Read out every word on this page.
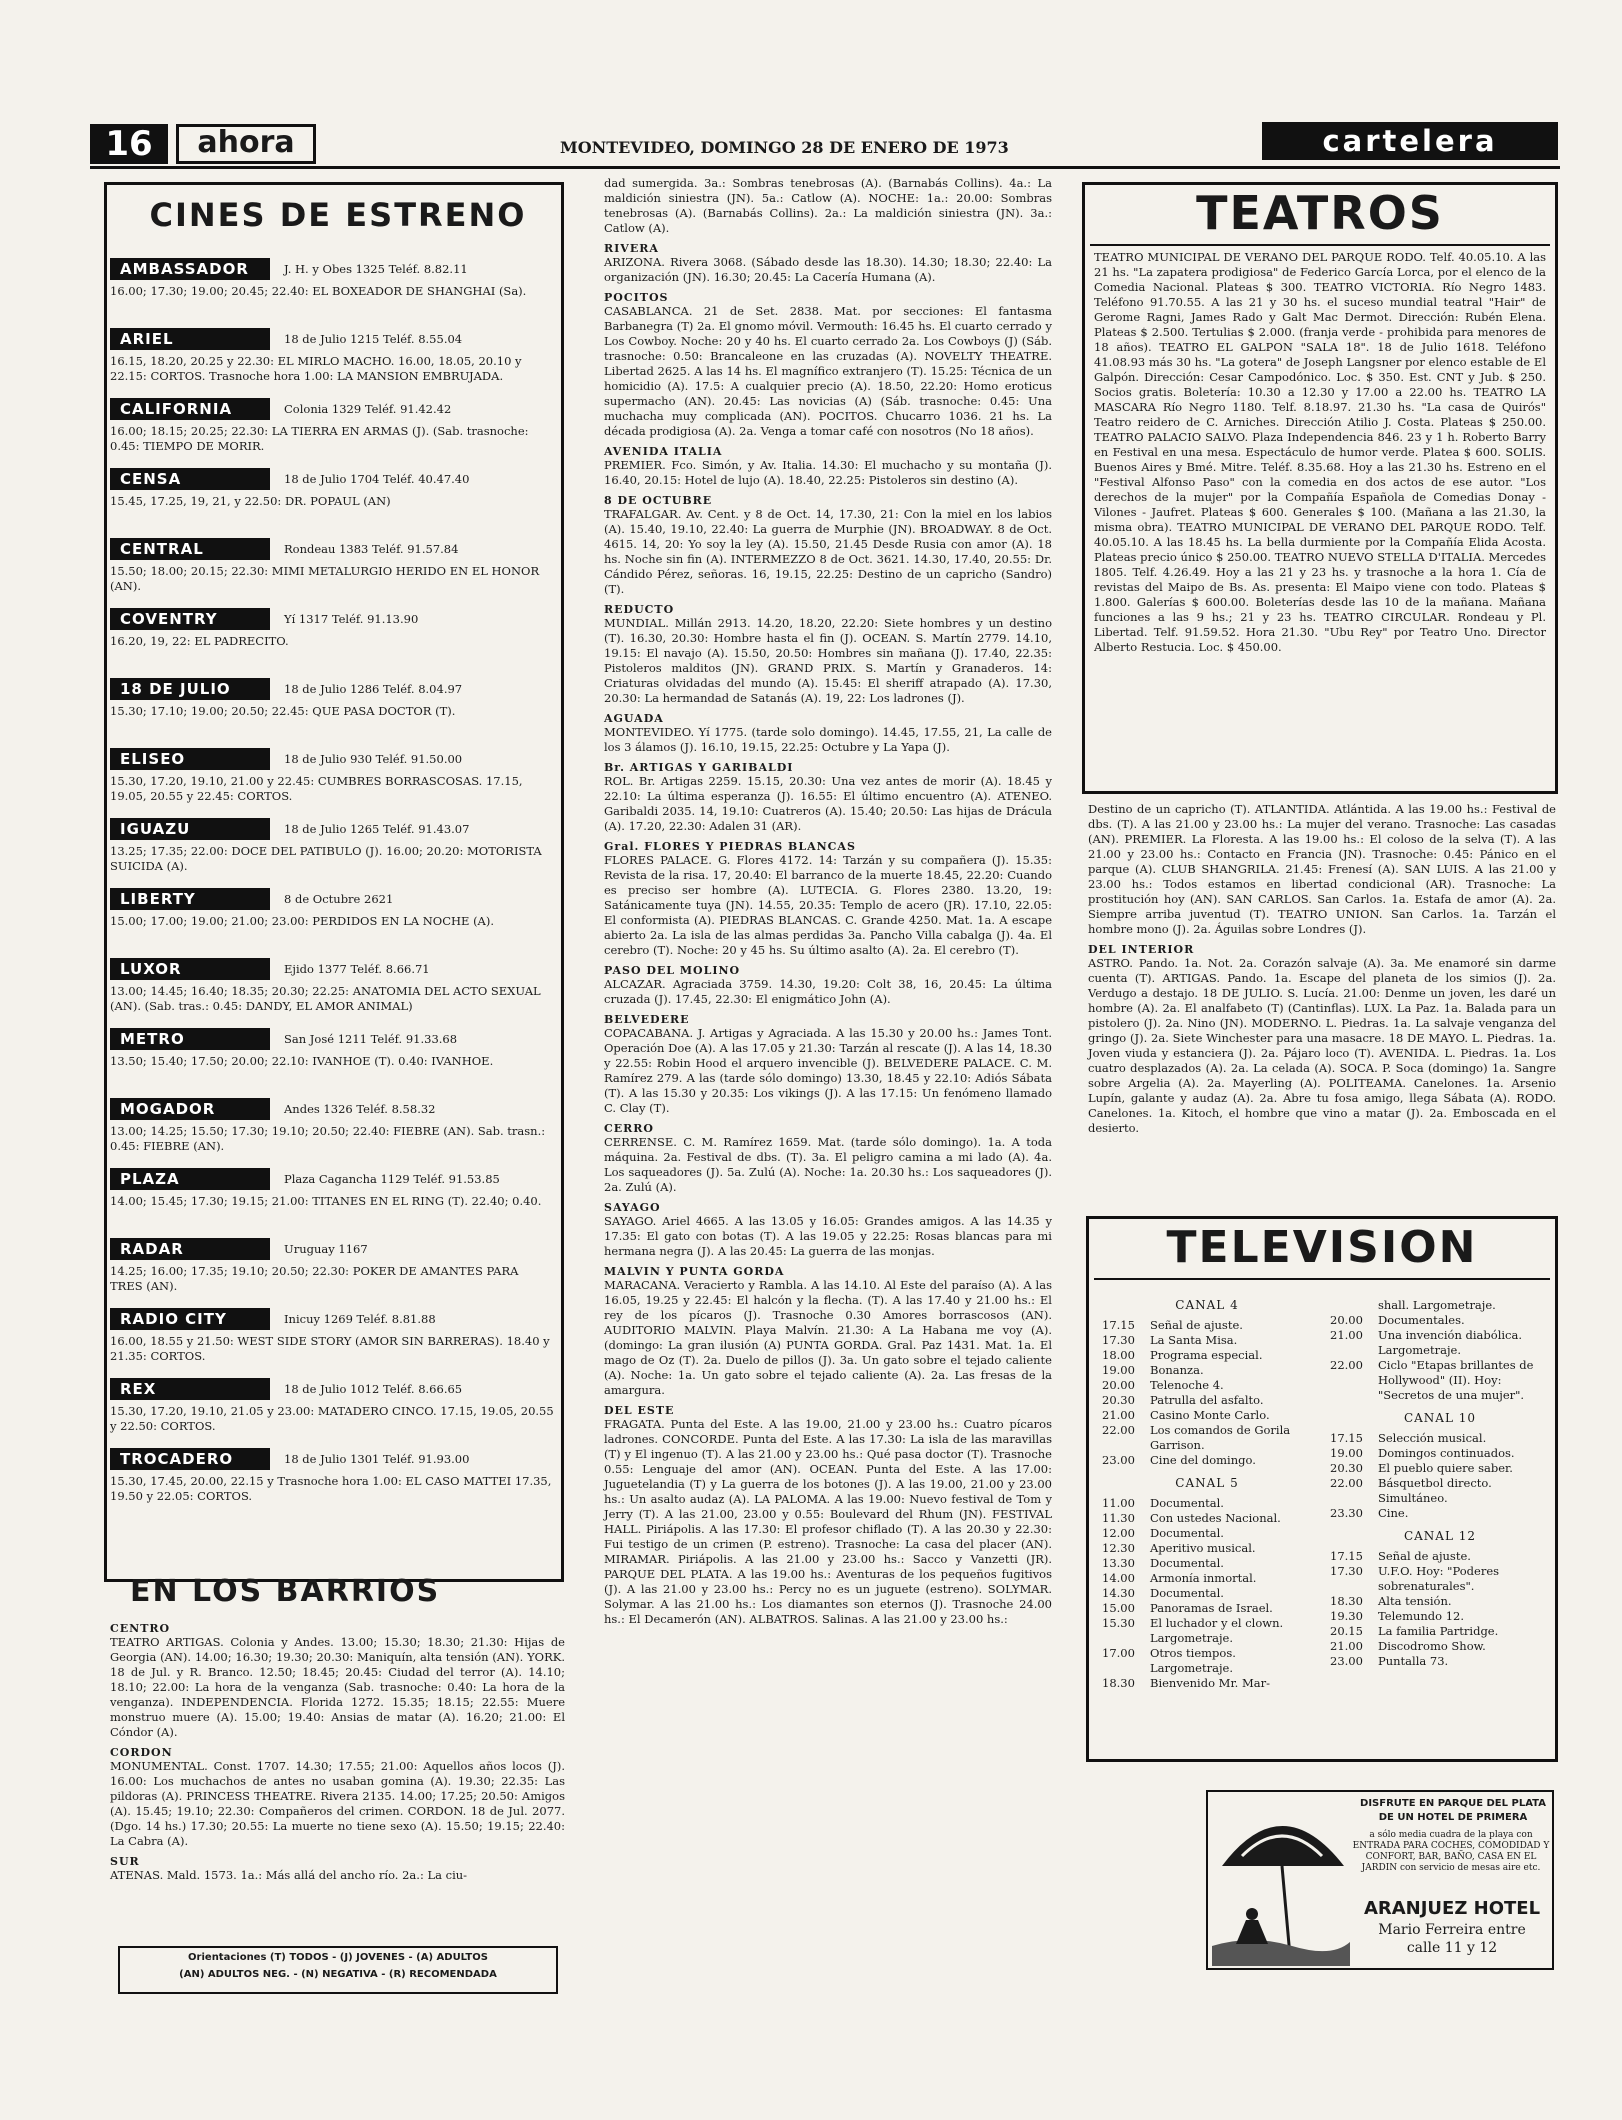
16	ahora	MONTEVIDEO, DOMINGO 28 DE ENERO DE 1973	cartelera
CINES DE ESTRENO
AMBASSADOR	J. H. y Obes 1325 Teléf. 8.82.11
16.00; 17.30; 19.00; 20.45; 22.40: EL BOXEADOR DE SHANGHAI (Sa).
ARIEL	18 de Julio 1215 Teléf. 8.55.04
16.15, 18.20, 20.25 y 22.30: EL MIRLO MACHO. 16.00, 18.05, 20.10 y 22.15: CORTOS. Trasnoche hora 1.00: LA MANSION EMBRUJADA.
CALIFORNIA	Colonia 1329 Teléf. 91.42.42
16.00; 18.15; 20.25; 22.30: LA TIERRA EN ARMAS (J). (Sab. trasnoche: 0.45: TIEMPO DE MORIR.
CENSA	18 de Julio 1704 Teléf. 40.47.40
15.45, 17.25, 19, 21, y 22.50: DR. POPAUL (AN)
CENTRAL	Rondeau 1383 Teléf. 91.57.84
15.50; 18.00; 20.15; 22.30: MIMI METALURGIO HERIDO EN EL HONOR (AN).
COVENTRY	Yí 1317 Teléf. 91.13.90
16.20, 19, 22: EL PADRECITO.
18 DE JULIO	18 de Julio 1286 Teléf. 8.04.97
15.30; 17.10; 19.00; 20.50; 22.45: QUE PASA DOCTOR (T).
ELISEO	18 de Julio 930 Teléf. 91.50.00
15.30, 17.20, 19.10, 21.00 y 22.45: CUMBRES BORRASCOSAS. 17.15, 19.05, 20.55 y 22.45: CORTOS.
IGUAZU	18 de Julio 1265 Teléf. 91.43.07
13.25; 17.35; 22.00: DOCE DEL PATIBULO (J). 16.00; 20.20: MOTORISTA SUICIDA (A).
LIBERTY	8 de Octubre 2621
15.00; 17.00; 19.00; 21.00; 23.00: PERDIDOS EN LA NOCHE (A).
LUXOR	Ejido 1377 Teléf. 8.66.71
13.00; 14.45; 16.40; 18.35; 20.30; 22.25: ANATOMIA DEL ACTO SEXUAL (AN). (Sab. tras.: 0.45: DANDY, EL AMOR ANIMAL)
METRO	San José 1211 Teléf. 91.33.68
13.50; 15.40; 17.50; 20.00; 22.10: IVANHOE (T). 0.40: IVANHOE.
MOGADOR	Andes 1326 Teléf. 8.58.32
13.00; 14.25; 15.50; 17.30; 19.10; 20.50; 22.40: FIEBRE (AN). Sab. trasn.: 0.45: FIEBRE (AN).
PLAZA	Plaza Cagancha 1129 Teléf. 91.53.85
14.00; 15.45; 17.30; 19.15; 21.00: TITANES EN EL RING (T). 22.40; 0.40.
RADAR	Uruguay 1167
14.25; 16.00; 17.35; 19.10; 20.50; 22.30: POKER DE AMANTES PARA TRES (AN).
RADIO CITY	Inicuy 1269 Teléf. 8.81.88
16.00, 18.55 y 21.50: WEST SIDE STORY (AMOR SIN BARRERAS). 18.40 y 21.35: CORTOS.
REX	18 de Julio 1012 Teléf. 8.66.65
15.30, 17.20, 19.10, 21.05 y 23.00: MATADERO CINCO. 17.15, 19.05, 20.55 y 22.50: CORTOS.
TROCADERO	18 de Julio 1301 Teléf. 91.93.00
15.30, 17.45, 20.00, 22.15 y Trasnoche hora 1.00: EL CASO MATTEI 17.35, 19.50 y 22.05: CORTOS.
EN LOS BARRIOS
CENTRO
TEATRO ARTIGAS. Colonia y Andes. 13.00; 15.30; 18.30; 21.30: Hijas de Georgia (AN). 14.00; 16.30; 19.30; 20.30: Maniquín, alta tensión (AN). YORK. 18 de Jul. y R. Branco. 12.50; 18.45; 20.45: Ciudad del terror (A). 14.10; 18.10; 22.00: La hora de la venganza (Sab. trasnoche: 0.40: La hora de la venganza). INDEPENDENCIA. Florida 1272. 15.35; 18.15; 22.55: Muere monstruo muere (A). 15.00; 19.40: Ansias de matar (A). 16.20; 21.00: El Cóndor (A).
CORDON
MONUMENTAL. Const. 1707. 14.30; 17.55; 21.00: Aquellos años locos (J). 16.00: Los muchachos de antes no usaban gomina (A). 19.30; 22.35: Las pildoras (A). PRINCESS THEATRE. Rivera 2135. 14.00; 17.25; 20.50: Amigos (A). 15.45; 19.10; 22.30: Compañeros del crimen. CORDON. 18 de Jul. 2077. (Dgo. 14 hs.) 17.30; 20.55: La muerte no tiene sexo (A). 15.50; 19.15; 22.40: La Cabra (A).
SUR
ATENAS. Mald. 1573. 1a.: Más allá del ancho río. 2a.: La ciu-
Orientaciones (T) TODOS - (J) JOVENES - (A) ADULTOS
(AN) ADULTOS NEG. - (N) NEGATIVA - (R) RECOMENDADA
dad sumergida. 3a.: Sombras tenebrosas (A). (Barnabás Collins). 4a.: La maldición siniestra (JN). 5a.: Catlow (A). NOCHE: 1a.: 20.00: Sombras tenebrosas (A). (Barnabás Collins). 2a.: La maldición siniestra (JN). 3a.: Catlow (A).
RIVERA
ARIZONA. Rivera 3068. (Sábado desde las 18.30). 14.30; 18.30; 22.40: La organización (JN). 16.30; 20.45: La Cacería Humana (A).
POCITOS
CASABLANCA. 21 de Set. 2838. Mat. por secciones: El fantasma Barbanegra (T) 2a. El gnomo móvil. Vermouth: 16.45 hs. El cuarto cerrado y Los Cowboy. Noche: 20 y 40 hs. El cuarto cerrado 2a. Los Cowboys (J) (Sáb. trasnoche: 0.50: Brancaleone en las cruzadas (A). NOVELTY THEATRE. Libertad 2625. A las 14 hs. El magnífico extranjero (T). 15.25: Técnica de un homicidio (A). 17.5: A cualquier precio (A). 18.50, 22.20: Homo eroticus supermacho (AN). 20.45: Las novicias (A) (Sáb. trasnoche: 0.45: Una muchacha muy complicada (AN). POCITOS. Chucarro 1036. 21 hs. La década prodigiosa (A). 2a. Venga a tomar café con nosotros (No 18 años).
AVENIDA ITALIA
PREMIER. Fco. Simón, y Av. Italia. 14.30: El muchacho y su montaña (J). 16.40, 20.15: Hotel de lujo (A). 18.40, 22.25: Pistoleros sin destino (A).
8 DE OCTUBRE
TRAFALGAR. Av. Cent. y 8 de Oct. 14, 17.30, 21: Con la miel en los labios (A). 15.40, 19.10, 22.40: La guerra de Murphie (JN). BROADWAY. 8 de Oct. 4615. 14, 20: Yo soy la ley (A). 15.50, 21.45 Desde Rusia con amor (A). 18 hs. Noche sin fin (A). INTERMEZZO 8 de Oct. 3621. 14.30, 17.40, 20.55: Dr. Cándido Pérez, señoras. 16, 19.15, 22.25: Destino de un capricho (Sandro) (T).
REDUCTO
MUNDIAL. Millán 2913. 14.20, 18.20, 22.20: Siete hombres y un destino (T). 16.30, 20.30: Hombre hasta el fin (J). OCEAN. S. Martín 2779. 14.10, 19.15: El navajo (A). 15.50, 20.50: Hombres sin mañana (J). 17.40, 22.35: Pistoleros malditos (JN). GRAND PRIX. S. Martín y Granaderos. 14: Criaturas olvidadas del mundo (A). 15.45: El sheriff atrapado (A). 17.30, 20.30: La hermandad de Satanás (A). 19, 22: Los ladrones (J).
AGUADA
MONTEVIDEO. Yí 1775. (tarde solo domingo). 14.45, 17.55, 21, La calle de los 3 álamos (J). 16.10, 19.15, 22.25: Octubre y La Yapa (J).
Br. ARTIGAS Y GARIBALDI
ROL. Br. Artigas 2259. 15.15, 20.30: Una vez antes de morir (A). 18.45 y 22.10: La última esperanza (J). 16.55: El último encuentro (A). ATENEO. Garibaldi 2035. 14, 19.10: Cuatreros (A). 15.40; 20.50: Las hijas de Drácula (A). 17.20, 22.30: Adalen 31 (AR).
Gral. FLORES Y PIEDRAS BLANCAS
FLORES PALACE. G. Flores 4172. 14: Tarzán y su compañera (J). 15.35: Revista de la risa. 17, 20.40: El barranco de la muerte 18.45, 22.20: Cuando es preciso ser hombre (A). LUTECIA. G. Flores 2380. 13.20, 19: Satánicamente tuya (JN). 14.55, 20.35: Templo de acero (JR). 17.10, 22.05: El conformista (A). PIEDRAS BLANCAS. C. Grande 4250. Mat. 1a. A escape abierto 2a. La isla de las almas perdidas 3a. Pancho Villa cabalga (J). 4a. El cerebro (T). Noche: 20 y 45 hs. Su último asalto (A). 2a. El cerebro (T).
PASO DEL MOLINO
ALCAZAR. Agraciada 3759. 14.30, 19.20: Colt 38, 16, 20.45: La última cruzada (J). 17.45, 22.30: El enigmático John (A).
BELVEDERE
COPACABANA. J. Artigas y Agraciada. A las 15.30 y 20.00 hs.: James Tont. Operación Doe (A). A las 17.05 y 21.30: Tarzán al rescate (J). A las 14, 18.30 y 22.55: Robin Hood el arquero invencible (J). BELVEDERE PALACE. C. M. Ramírez 279. A las (tarde sólo domingo) 13.30, 18.45 y 22.10: Adiós Sábata (T). A las 15.30 y 20.35: Los vikings (J). A las 17.15: Un fenómeno llamado C. Clay (T).
CERRO
CERRENSE. C. M. Ramírez 1659. Mat. (tarde sólo domingo). 1a. A toda máquina. 2a. Festival de dbs. (T). 3a. El peligro camina a mi lado (A). 4a. Los saqueadores (J). 5a. Zulú (A). Noche: 1a. 20.30 hs.: Los saqueadores (J). 2a. Zulú (A).
SAYAGO
SAYAGO. Ariel 4665. A las 13.05 y 16.05: Grandes amigos. A las 14.35 y 17.35: El gato con botas (T). A las 19.05 y 22.25: Rosas blancas para mi hermana negra (J). A las 20.45: La guerra de las monjas.
MALVIN Y PUNTA GORDA
MARACANA. Veracierto y Rambla. A las 14.10. Al Este del paraíso (A). A las 16.05, 19.25 y 22.45: El halcón y la flecha. (T). A las 17.40 y 21.00 hs.: El rey de los pícaros (J). Trasnoche 0.30 Amores borrascosos (AN). AUDITORIO MALVIN. Playa Malvín. 21.30: A La Habana me voy (A). (domingo: La gran ilusión (A) PUNTA GORDA. Gral. Paz 1431. Mat. 1a. El mago de Oz (T). 2a. Duelo de pillos (J). 3a. Un gato sobre el tejado caliente (A). Noche: 1a. Un gato sobre el tejado caliente (A). 2a. Las fresas de la amargura.
DEL ESTE
FRAGATA. Punta del Este. A las 19.00, 21.00 y 23.00 hs.: Cuatro pícaros ladrones. CONCORDE. Punta del Este. A las 17.30: La isla de las maravillas (T) y El ingenuo (T). A las 21.00 y 23.00 hs.: Qué pasa doctor (T). Trasnoche 0.55: Lenguaje del amor (AN). OCEAN. Punta del Este. A las 17.00: Juguetelandia (T) y La guerra de los botones (J). A las 19.00, 21.00 y 23.00 hs.: Un asalto audaz (A). LA PALOMA. A las 19.00: Nuevo festival de Tom y Jerry (T). A las 21.00, 23.00 y 0.55: Boulevard del Rhum (JN). FESTIVAL HALL. Piriápolis. A las 17.30: El profesor chiflado (T). A las 20.30 y 22.30: Fui testigo de un crimen (P. estreno). Trasnoche: La casa del placer (AN). MIRAMAR. Piriápolis. A las 21.00 y 23.00 hs.: Sacco y Vanzetti (JR). PARQUE DEL PLATA. A las 19.00 hs.: Aventuras de los pequeños fugitivos (J). A las 21.00 y 23.00 hs.: Percy no es un juguete (estreno). SOLYMAR. Solymar. A las 21.00 hs.: Los diamantes son eternos (J). Trasnoche 24.00 hs.: El Decamerón (AN). ALBATROS. Salinas. A las 21.00 y 23.00 hs.:
TEATROS
TEATRO MUNICIPAL DE VERANO DEL PARQUE RODO. Telf. 40.05.10. A las 21 hs. "La zapatera prodigiosa" de Federico García Lorca, por el elenco de la Comedia Nacional. Plateas $ 300. TEATRO VICTORIA. Río Negro 1483. Teléfono 91.70.55. A las 21 y 30 hs. el suceso mundial teatral "Hair" de Gerome Ragni, James Rado y Galt Mac Dermot. Dirección: Rubén Elena. Plateas $ 2.500. Tertulias $ 2.000. (franja verde - prohibida para menores de 18 años). TEATRO EL GALPON "SALA 18". 18 de Julio 1618. Teléfono 41.08.93 más 30 hs. "La gotera" de Joseph Langsner por elenco estable de El Galpón. Dirección: Cesar Campodónico. Loc. $ 350. Est. CNT y Jub. $ 250. Socios gratis. Boletería: 10.30 a 12.30 y 17.00 a 22.00 hs. TEATRO LA MASCARA Río Negro 1180. Telf. 8.18.97. 21.30 hs. "La casa de Quirós" Teatro reidero de C. Arniches. Dirección Atilio J. Costa. Plateas $ 250.00. TEATRO PALACIO SALVO. Plaza Independencia 846. 23 y 1 h. Roberto Barry en Festival en una mesa. Espectáculo de humor verde. Platea $ 600. SOLIS. Buenos Aires y Bmé. Mitre. Teléf. 8.35.68. Hoy a las 21.30 hs. Estreno en el "Festival Alfonso Paso" con la comedia en dos actos de ese autor. "Los derechos de la mujer" por la Compañía Española de Comedias Donay - Vilones - Jaufret. Plateas $ 600. Generales $ 100. (Mañana a las 21.30, la misma obra). TEATRO MUNICIPAL DE VERANO DEL PARQUE RODO. Telf. 40.05.10. A las 18.45 hs. La bella durmiente por la Compañía Elida Acosta. Plateas precio único $ 250.00. TEATRO NUEVO STELLA D'ITALIA. Mercedes 1805. Telf. 4.26.49. Hoy a las 21 y 23 hs. y trasnoche a la hora 1. Cía de revistas del Maipo de Bs. As. presenta: El Maipo viene con todo. Plateas $ 1.800. Galerías $ 600.00. Boleterías desde las 10 de la mañana. Mañana funciones a las 9 hs.; 21 y 23 hs. TEATRO CIRCULAR. Rondeau y Pl. Libertad. Telf. 91.59.52. Hora 21.30. "Ubu Rey" por Teatro Uno. Director Alberto Restucia. Loc. $ 450.00.
Destino de un capricho (T). ATLANTIDA. Atlántida. A las 19.00 hs.: Festival de dbs. (T). A las 21.00 y 23.00 hs.: La mujer del verano. Trasnoche: Las casadas (AN). PREMIER. La Floresta. A las 19.00 hs.: El coloso de la selva (T). A las 21.00 y 23.00 hs.: Contacto en Francia (JN). Trasnoche: 0.45: Pánico en el parque (A). CLUB SHANGRILA. 21.45: Frenesí (A). SAN LUIS. A las 21.00 y 23.00 hs.: Todos estamos en libertad condicional (AR). Trasnoche: La prostitución hoy (AN). SAN CARLOS. San Carlos. 1a. Estafa de amor (A). 2a. Siempre arriba juventud (T). TEATRO UNION. San Carlos. 1a. Tarzán el hombre mono (J). 2a. Águilas sobre Londres (J).
DEL INTERIOR
ASTRO. Pando. 1a. Not. 2a. Corazón salvaje (A). 3a. Me enamoré sin darme cuenta (T). ARTIGAS. Pando. 1a. Escape del planeta de los simios (J). 2a. Verdugo a destajo. 18 DE JULIO. S. Lucía. 21.00: Denme un joven, les daré un hombre (A). 2a. El analfabeto (T) (Cantinflas). LUX. La Paz. 1a. Balada para un pistolero (J). 2a. Nino (JN). MODERNO. L. Piedras. 1a. La salvaje venganza del gringo (J). 2a. Siete Winchester para una masacre. 18 DE MAYO. L. Piedras. 1a. Joven viuda y estanciera (J). 2a. Pájaro loco (T). AVENIDA. L. Piedras. 1a. Los cuatro desplazados (A). 2a. La celada (A). SOCA. P. Soca (domingo) 1a. Sangre sobre Argelia (A). 2a. Mayerling (A). POLITEAMA. Canelones. 1a. Arsenio Lupín, galante y audaz (A). 2a. Abre tu fosa amigo, llega Sábata (A). RODO. Canelones. 1a. Kitoch, el hombre que vino a matar (J). 2a. Emboscada en el desierto.
TELEVISION
CANAL 4
17.15	Señal de ajuste.
17.30	La Santa Misa.
18.00	Programa especial.
19.00	Bonanza.
20.00	Telenoche 4.
20.30	Patrulla del asfalto.
21.00	Casino Monte Carlo.
22.00	Los comandos de Gorila Garrison.
23.00	Cine del domingo.
CANAL 5
11.00	Documental.
11.30	Con ustedes Nacional.
12.00	Documental.
12.30	Aperitivo musical.
13.30	Documental.
14.00	Armonía inmortal.
14.30	Documental.
15.00	Panoramas de Israel.
15.30	El luchador y el clown. Largometraje.
17.00	Otros tiempos. Largometraje.
18.30	Bienvenido Mr. Mar-
shall. Largometraje.
20.00	Documentales.
21.00	Una invención diabólica. Largometraje.
22.00	Ciclo "Etapas brillantes de Hollywood" (II). Hoy: "Secretos de una mujer".
CANAL 10
17.15	Selección musical.
19.00	Domingos continuados.
20.30	El pueblo quiere saber.
22.00	Básquetbol directo. Simultáneo.
23.30	Cine.
CANAL 12
17.15	Señal de ajuste.
17.30	U.F.O. Hoy: "Poderes sobrenaturales".
18.30	Alta tensión.
19.30	Telemundo 12.
20.15	La familia Partridge.
21.00	Discodromo Show.
23.00	Puntalla 73.
DISFRUTE EN PARQUE DEL PLATA
DE UN HOTEL DE PRIMERA
a sólo media cuadra de la playa con ENTRADA PARA COCHES, COMODIDAD Y CONFORT, BAR, BAÑO, CASA EN EL JARDIN con servicio de mesas aire etc.
ARANJUEZ HOTEL
Mario Ferreira entre
calle 11 y 12
